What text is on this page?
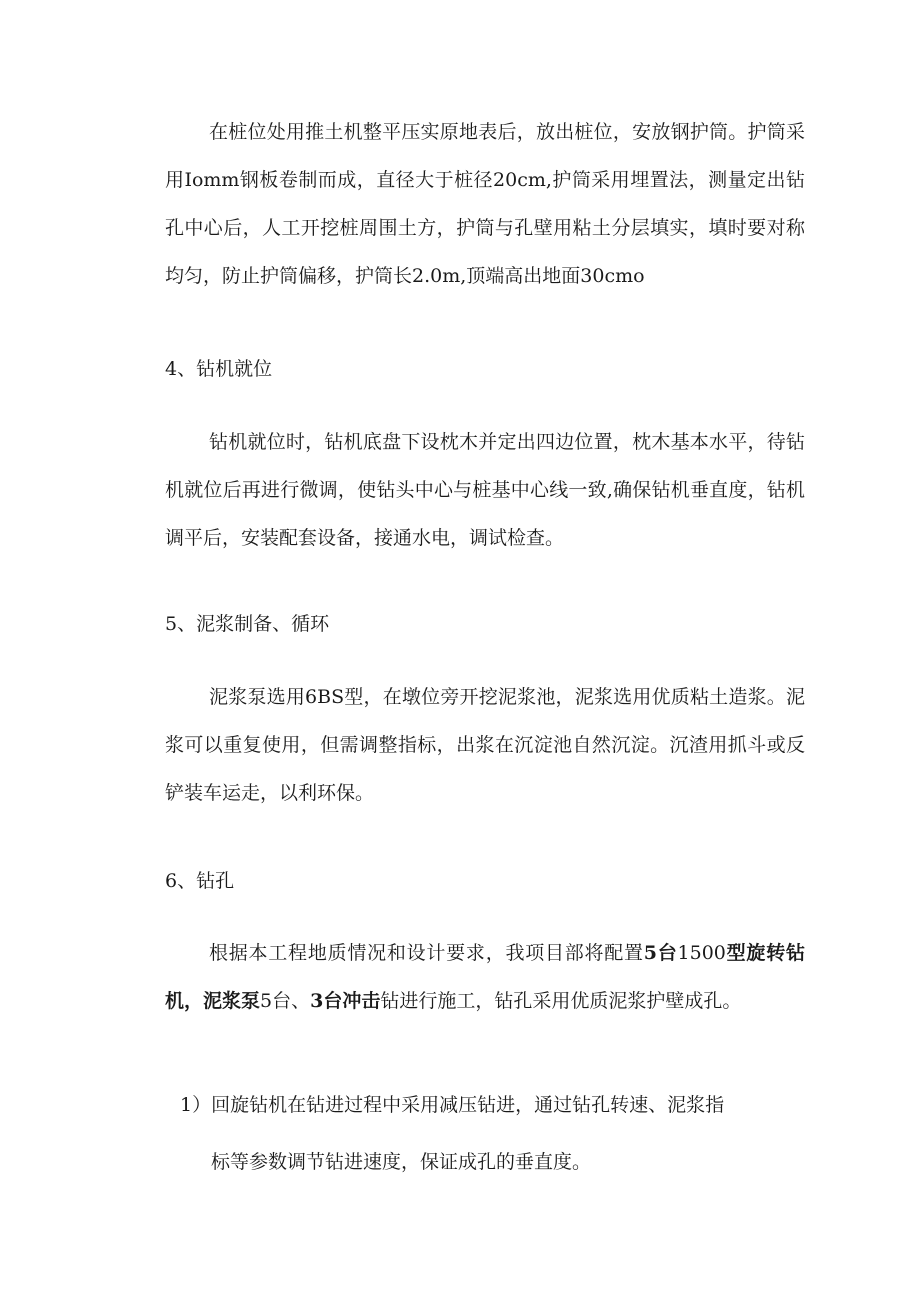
在桩位处用推土机整平压实原地表后，放出桩位，安放钢护筒。护筒采用Iomm钢板卷制而成，直径大于桩径20cm,护筒采用埋置法，测量定出钻孔中心后，人工开挖桩周围土方，护筒与孔壁用粘土分层填实，填时要对称均匀，防止护筒偏移，护筒长2.0m,顶端高出地面30cmo

4、钻机就位

钻机就位时，钻机底盘下设枕木并定出四边位置，枕木基本水平，待钻机就位后再进行微调，使钻头中心与桩基中心线一致,确保钻机垂直度，钻机调平后，安装配套设备，接通水电，调试检查。

5、泥浆制备、循环

泥浆泵选用6BS型，在墩位旁开挖泥浆池，泥浆选用优质粘土造浆。泥浆可以重复使用，但需调整指标，出浆在沉淀池自然沉淀。沉渣用抓斗或反铲装车运走，以利环保。

6、钻孔

根据本工程地质情况和设计要求，我项目部将配置5台1500型旋转钻机，泥浆泵5台、3台冲击钻进行施工，钻孔采用优质泥浆护壁成孔。

1）回旋钻机在钻进过程中采用减压钻进，通过钻孔转速、泥浆指

标等参数调节钻进速度，保证成孔的垂直度。
